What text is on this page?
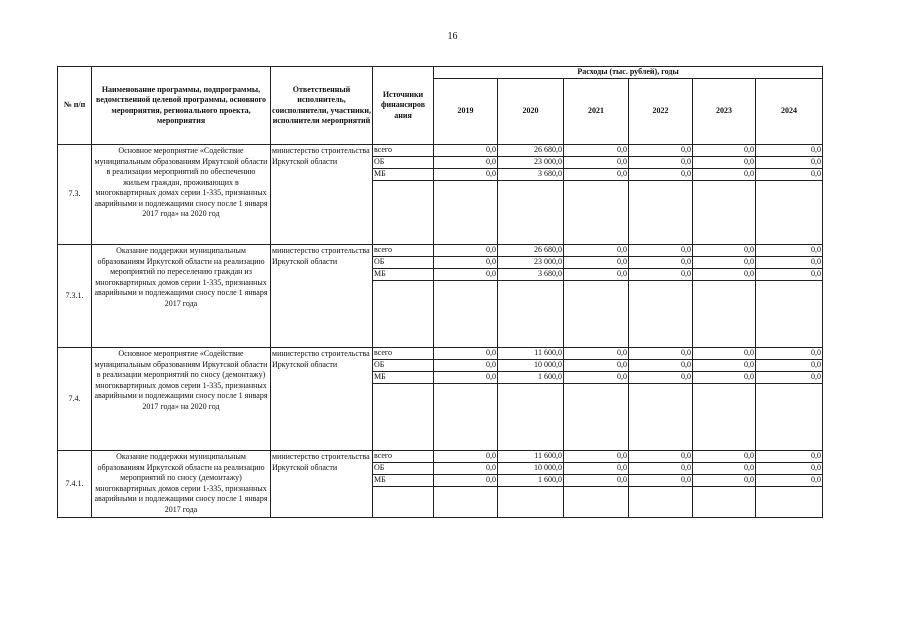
16
№ п/п	Наименование программы, подпрограммы, ведомственной целевой программы, основного мероприятия, регионального проекта, мероприятия	Ответственный исполнитель, соисполнители, участники, исполнители мероприятий	Источники финансиров ания	Расходы (тыс. рублей), годы					
				2019	2020	2021	2022	2023	2024
7.3.	Основное мероприятие «Содействие муниципальным образованиям Иркутской области в реализации мероприятий по обеспечению жильем граждан, проживающих в многоквартирных домах серии 1-335, признанных аварийными и подлежащими сносу после 1 января 2017 года» на 2020 год	министерство строительства Иркутской области	всего	0,0	26 680,0	0,0	0,0	0,0	0,0
			ОБ	0,0	23 000,0	0,0	0,0	0,0	0,0
			МБ	0,0	3 680,0	0,0	0,0	0,0	0,0

7.3.1.	Оказание поддержки муниципальным образованиям Иркутской области на реализацию мероприятий по переселению граждан из многоквартирных домов серии 1-335, признанных аварийными и подлежащими сносу после 1 января 2017 года	министерство строительства Иркутской области	всего	0,0	26 680,0	0,0	0,0	0,0	0,0
			ОБ	0,0	23 000,0	0,0	0,0	0,0	0,0
			МБ	0,0	3 680,0	0,0	0,0	0,0	0,0

7.4.	Основное мероприятие «Содействие муниципальным образованиям Иркутской области в реализации мероприятий по сносу (демонтажу) многоквартирных домов серии 1-335, признанных аварийными и подлежащими сносу после 1 января 2017 года» на 2020 год	министерство строительства Иркутской области	всего	0,0	11 600,0	0,0	0,0	0,0	0,0
			ОБ	0,0	10 000,0	0,0	0,0	0,0	0,0
			МБ	0,0	1 600,0	0,0	0,0	0,0	0,0

7.4.1.	Оказание поддержки муниципальным образованиям Иркутской области на реализацию мероприятий по сносу (демонтажу) многоквартирных домов серии 1-335, признанных аварийными и подлежащими сносу после 1 января 2017 года	министерство строительства Иркутской области	всего	0,0	11 600,0	0,0	0,0	0,0	0,0
			ОБ	0,0	10 000,0	0,0	0,0	0,0	0,0
			МБ	0,0	1 600,0	0,0	0,0	0,0	0,0
